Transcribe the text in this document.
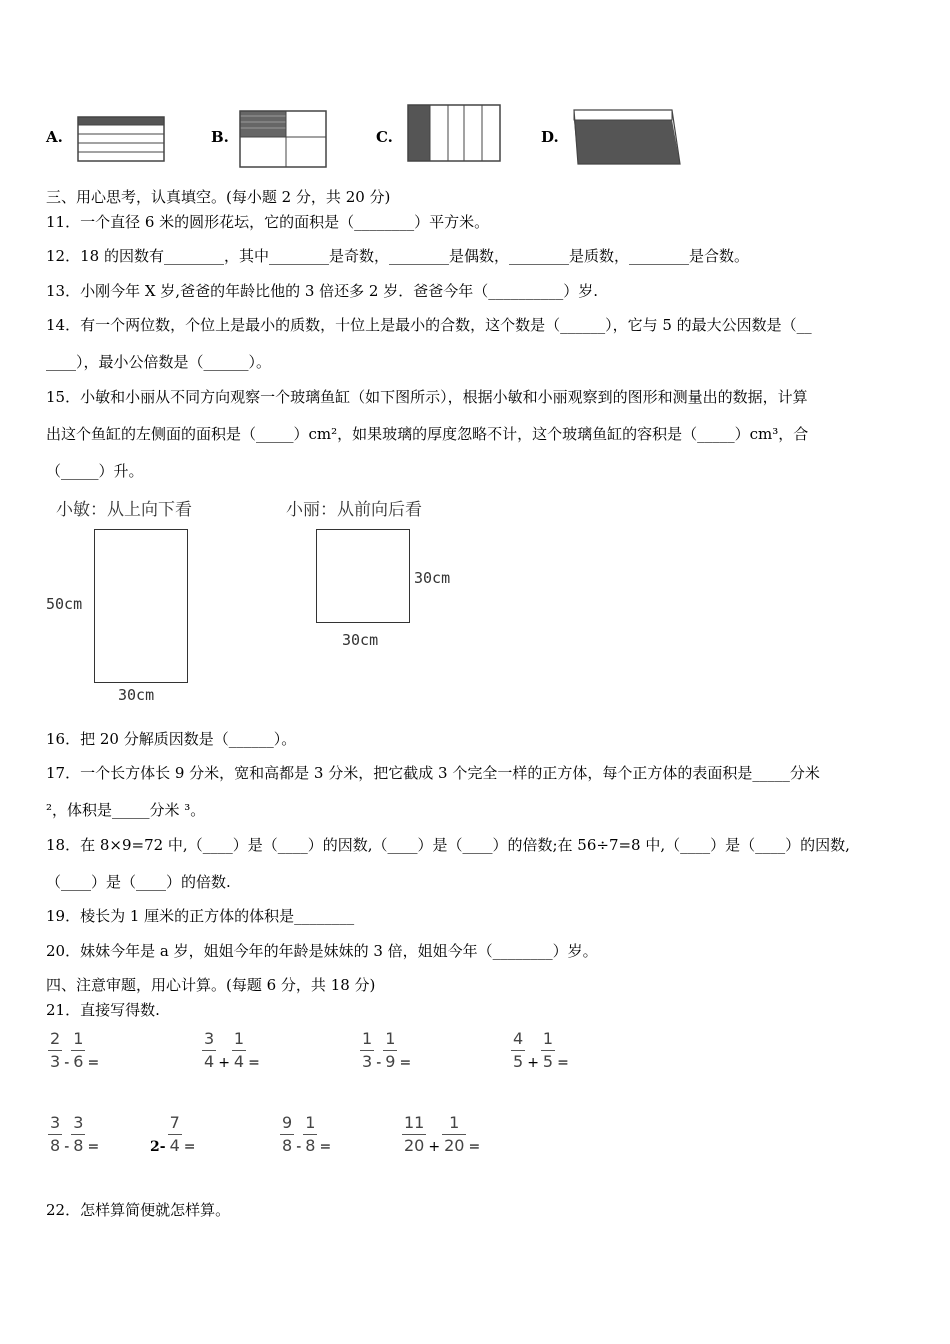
A.	B.	C.	D.
三、用心思考，认真填空。(每小题 2 分，共 20 分)
11．一个直径 6 米的圆形花坛，它的面积是（________）平方米。
12．18 的因数有________，其中________是奇数，________是偶数，________是质数，________是合数。
13．小刚今年 X 岁,爸爸的年龄比他的 3 倍还多 2 岁．爸爸今年（__________）岁.
14．有一个两位数，个位上是最小的质数，十位上是最小的合数，这个数是（______），它与 5 的最大公因数是（__
____），最小公倍数是（______）。
15．小敏和小丽从不同方向观察一个玻璃鱼缸（如下图所示），根据小敏和小丽观察到的图形和测量出的数据，计算
出这个鱼缸的左侧面的面积是（_____）cm²，如果玻璃的厚度忽略不计，这个玻璃鱼缸的容积是（_____）cm³，合
（_____）升。
小敏：从上向下看	小丽：从前向后看
50cm
30cm
30cm
30cm
16．把 20 分解质因数是（______）。
17．一个长方体长 9 分米，宽和高都是 3 分米，把它截成 3 个完全一样的正方体，每个正方体的表面积是_____分米
²，体积是_____分米 ³。
18．在 8×9=72 中,（____）是（____）的因数,（____）是（____）的倍数;在 56÷7=8 中,（____）是（____）的因数,
（____）是（____）的倍数.
19．棱长为 1 厘米的正方体的体积是________
20．妹妹今年是 a 岁，姐姐今年的年龄是妹妹的 3 倍，姐姐今年（________）岁。
四、注意审题，用心计算。(每题 6 分，共 18 分)
21．直接写得数.
$\frac{2}{3} - \frac{1}{6}$ =	$\frac{3}{4} + \frac{1}{4}$ =	$\frac{1}{3} - \frac{1}{9}$ =	$\frac{4}{5} + \frac{1}{5}$ =
$\frac{3}{8} - \frac{3}{8}$ =	$2- \frac{7}{4}$ =	$\frac{9}{8} - \frac{1}{8}$ =	$\frac{11}{20} + \frac{1}{20}$ =
22．怎样算简便就怎样算。
